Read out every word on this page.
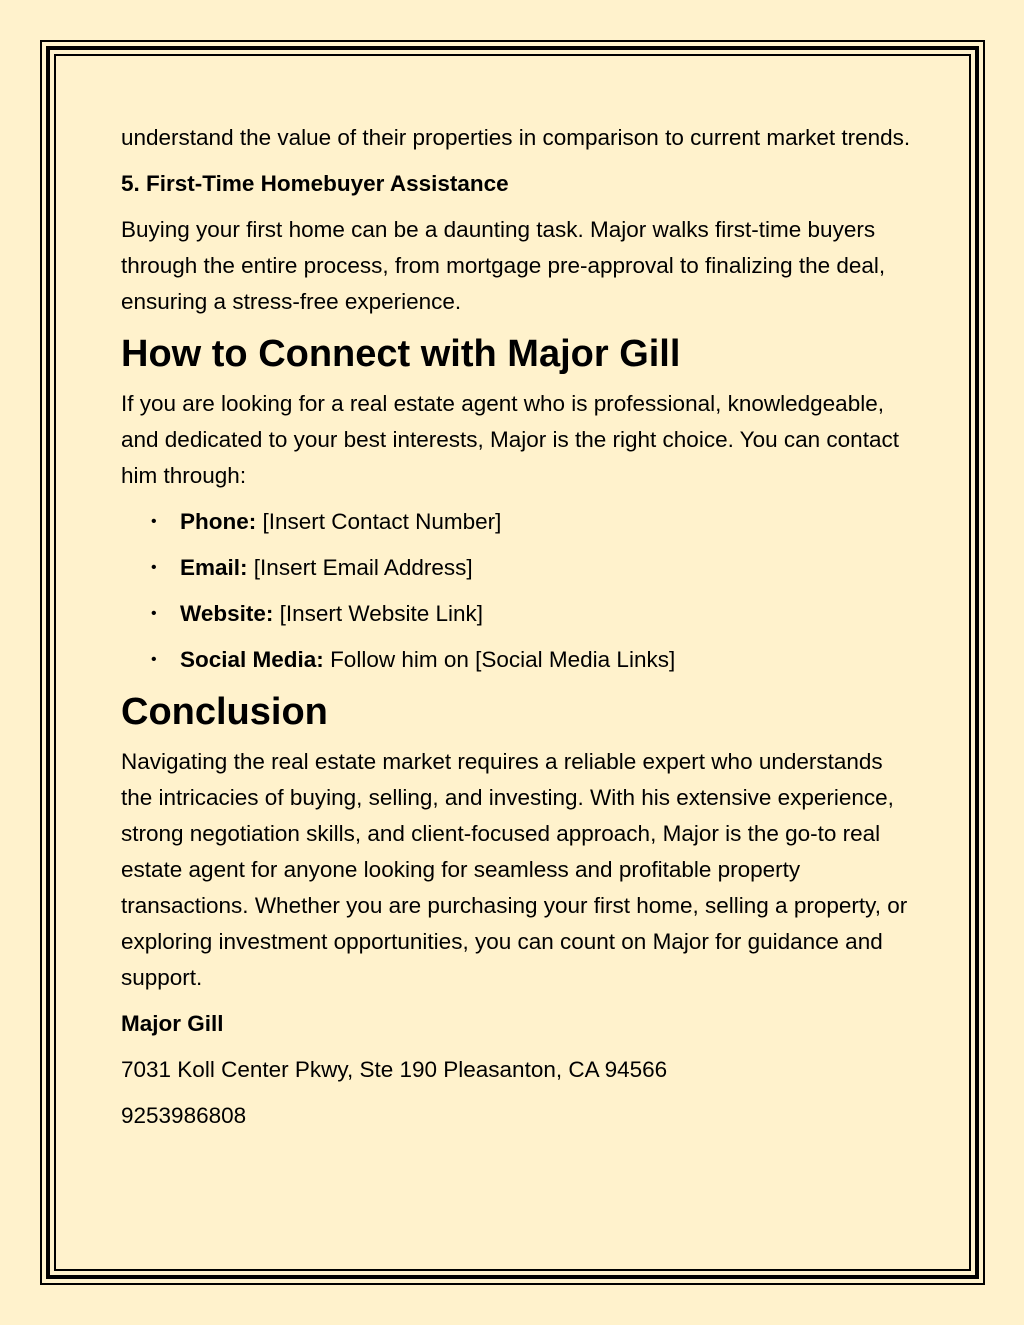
understand the value of their properties in comparison to current market trends.

5. First-Time Homebuyer Assistance

Buying your first home can be a daunting task. Major walks first-time buyers through the entire process, from mortgage pre-approval to finalizing the deal, ensuring a stress-free experience.

How to Connect with Major Gill

If you are looking for a real estate agent who is professional, knowledgeable, and dedicated to your best interests, Major is the right choice. You can contact him through:

• Phone: [Insert Contact Number]
• Email: [Insert Email Address]
• Website: [Insert Website Link]
• Social Media: Follow him on [Social Media Links]
Conclusion

Navigating the real estate market requires a reliable expert who understands the intricacies of buying, selling, and investing. With his extensive experience, strong negotiation skills, and client-focused approach, Major is the go-to real estate agent for anyone looking for seamless and profitable property transactions. Whether you are purchasing your first home, selling a property, or exploring investment opportunities, you can count on Major for guidance and support.

Major Gill

7031 Koll Center Pkwy, Ste 190 Pleasanton, CA 94566

9253986808
